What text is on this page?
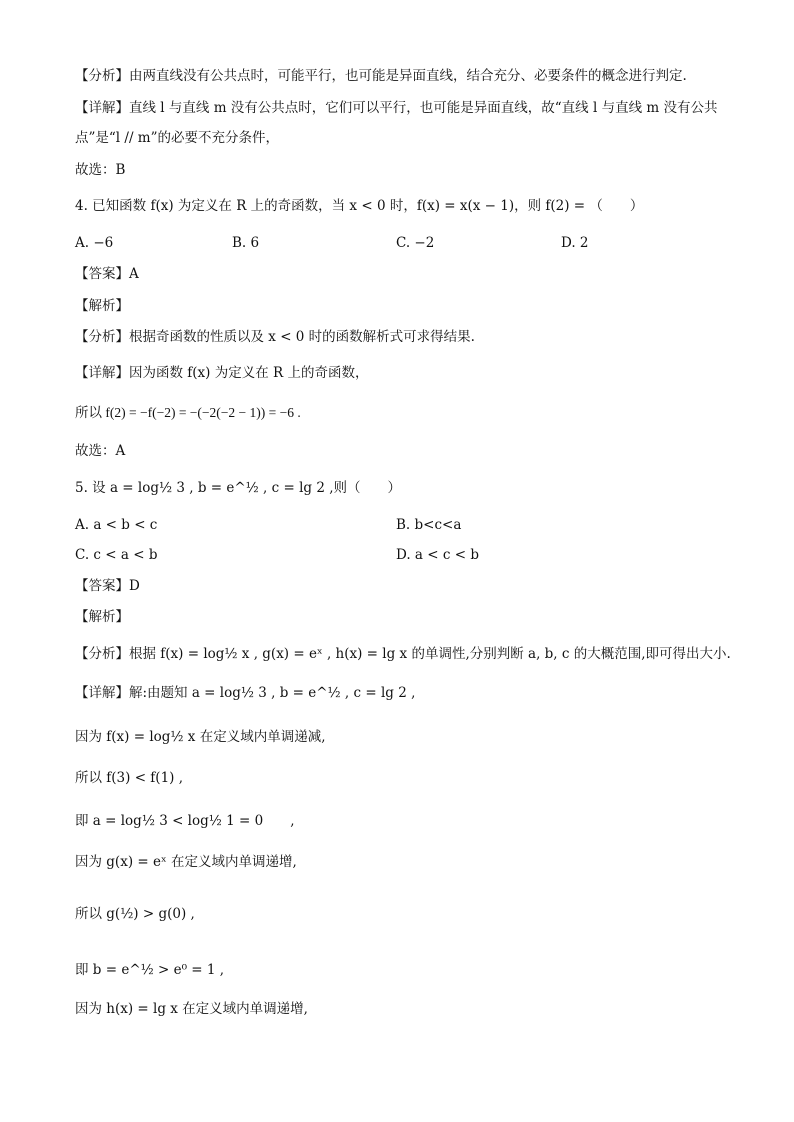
【分析】由两直线没有公共点时，可能平行，也可能是异面直线，结合充分、必要条件的概念进行判定.
【详解】直线 l 与直线 m 没有公共点时，它们可以平行，也可能是异面直线，故“直线 l 与直线 m 没有公共
点”是“l // m”的必要不充分条件，
故选：B
4. 已知函数 f(x) 为定义在 R 上的奇函数，当 x < 0 时，f(x) = x(x − 1)，则 f(2) = （　　）
A. −6	B. 6	C. −2	D. 2
【答案】A
【解析】
【分析】根据奇函数的性质以及 x < 0 时的函数解析式可求得结果.
【详解】因为函数 f(x) 为定义在 R 上的奇函数，
所以 f(2) = −f(−2) = −(−2(−2 − 1)) = −6 .
故选：A
5. 设 a = log½ 3 , b = e^½ , c = lg 2 ,则（　　）
A. a < b < c	B. b<c<a
C. c < a < b	D. a < c < b
【答案】D
【解析】
【分析】根据 f(x) = log½ x , g(x) = eˣ , h(x) = lg x 的单调性,分别判断 a, b, c 的大概范围,即可得出大小.
【详解】解:由题知 a = log½ 3 , b = e^½ , c = lg 2 ,
因为 f(x) = log½ x 在定义域内单调递减,
所以 f(3) < f(1) ,
即 a = log½ 3 < log½ 1 = 0　　,
因为 g(x) = eˣ 在定义域内单调递增,
所以 g(½) > g(0) ,
即 b = e^½ > e⁰ = 1 ,
因为 h(x) = lg x 在定义域内单调递增,
